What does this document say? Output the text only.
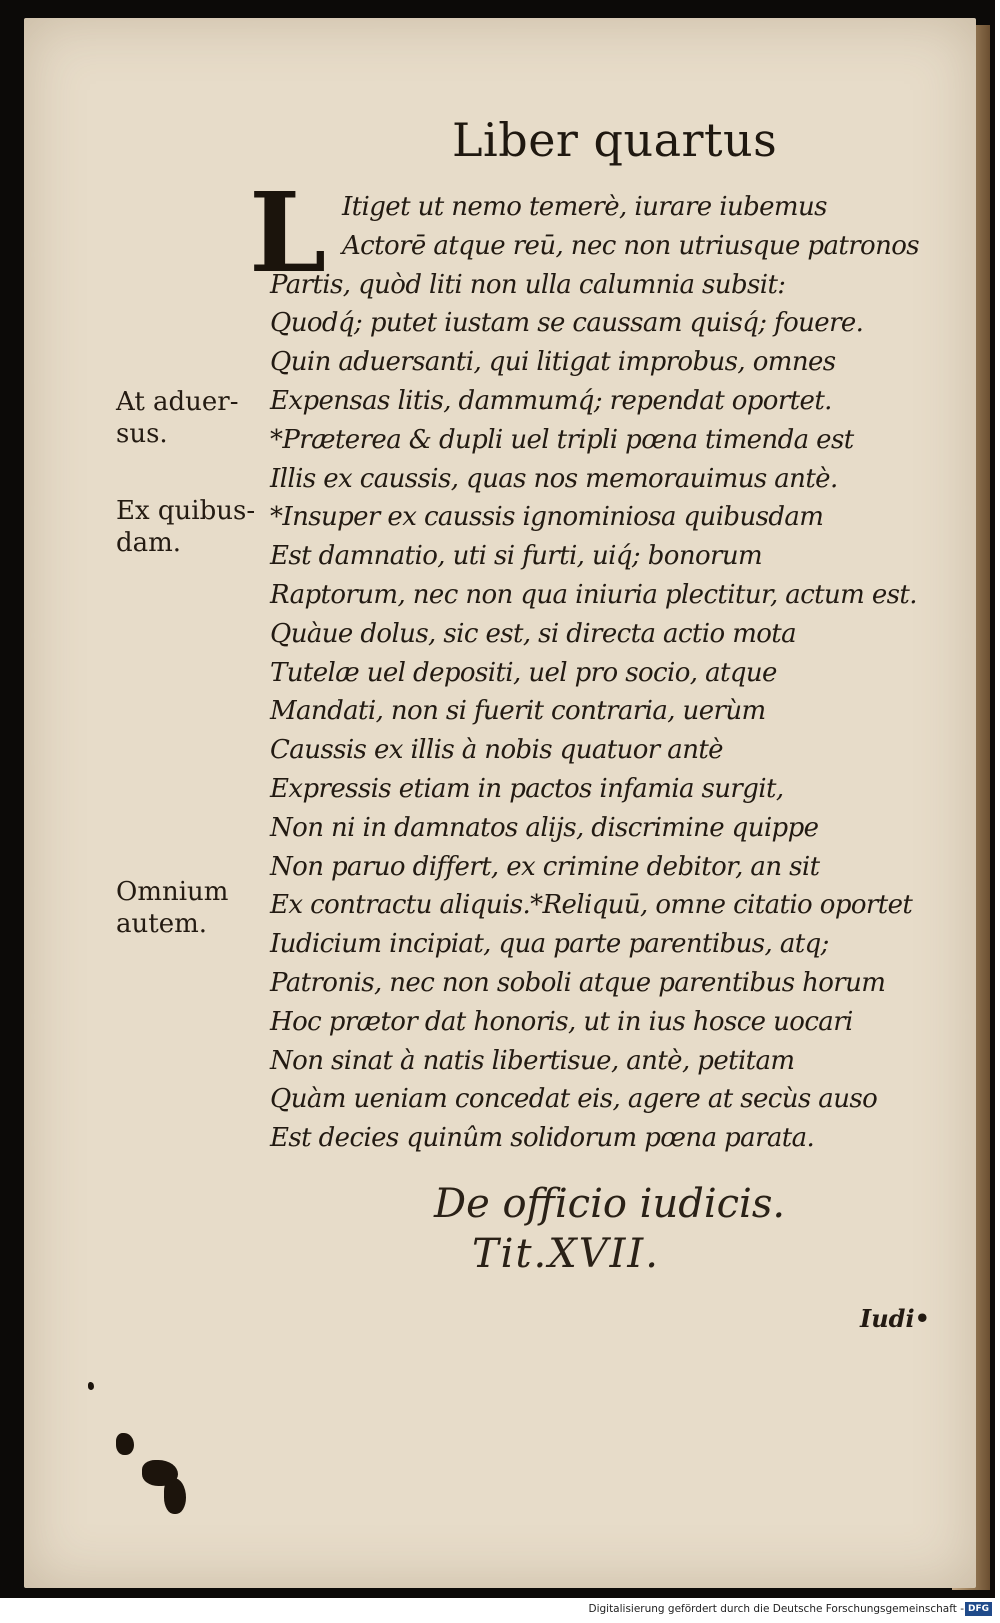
Liber quartus
L Itiget ut nemo temerè, iurare iubemus
Actorē atque reū, nec non utriusque patronos
Partis, quòd liti non ulla calumnia subsit:
Quodq́; putet iustam se caussam quisq́; fouere.
Quin aduersanti, qui litigat improbus, omnes
Expensas litis, dammumq́; rependat oportet.
*Præterea & dupli uel tripli pœna timenda est
Illis ex caussis, quas nos memorauimus antè.
*Insuper ex caussis ignominiosa quibusdam
Est damnatio, uti si furti, uiq́; bonorum
Raptorum, nec non qua iniuria plectitur, actum est.
Quàue dolus, sic est, si directa actio mota
Tutelæ uel depositi, uel pro socio, atque
Mandati, non si fuerit contraria, uerùm
Caussis ex illis à nobis quatuor antè
Expressis etiam in pactos infamia surgit,
Non ni in damnatos alijs, discrimine quippe
Non paruo differt, ex crimine debitor, an sit
Ex contractu aliquis.*Reliquū, omne citatio oportet
Iudicium incipiat, qua parte parentibus, atq;
Patronis, nec non soboli atque parentibus horum
Hoc prætor dat honoris, ut in ius hosce uocari
Non sinat à natis libertisue, antè, petitam
Quàm ueniam concedat eis, agere at secùs auso
Est decies quinûm solidorum pœna parata.
At aduer-
sus.
Ex quibus-
dam.
Omnium
autem.
De officio iudicis.
Tit.XVII.
Iudi•
Digitalisierung gefördert durch die Deutsche Forschungsgemeinschaft - DFG
